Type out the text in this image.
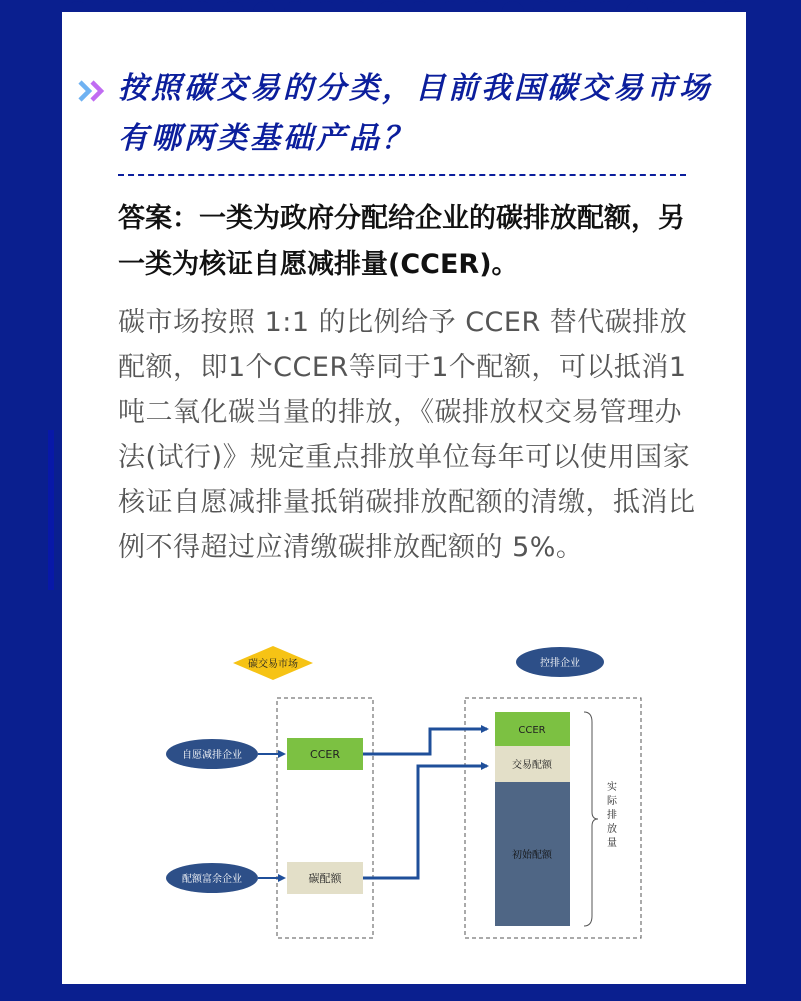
按照碳交易的分类，目前我国碳交易市场有哪两类基础产品？
答案：一类为政府分配给企业的碳排放配额，另一类为核证自愿减排量(CCER)。
碳市场按照 1:1 的比例给予 CCER 替代碳排放配额，即1个CCER等同于1个配额，可以抵消1吨二氧化碳当量的排放，《碳排放权交易管理办法(试行)》规定重点排放单位每年可以使用国家核证自愿减排量抵销碳排放配额的清缴，抵消比例不得超过应清缴碳排放配额的 5%。
碳交易市场	控排企业
自愿减排企业
配额富余企业
CCER
碳配额
CCER
交易配额
初始配额
实
际
排
放
量
